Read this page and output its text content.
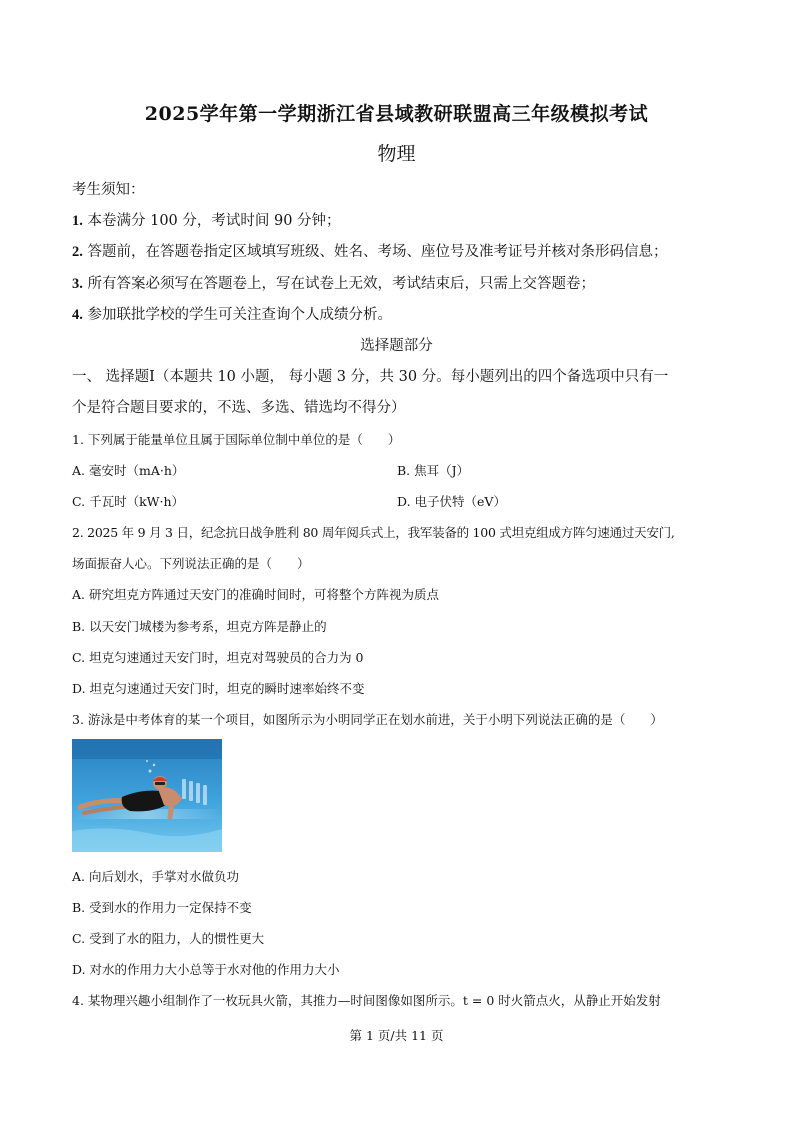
2025学年第一学期浙江省县域教研联盟高三年级模拟考试
物理
考生须知：
1. 本卷满分 100 分，考试时间 90 分钟；
2. 答题前，在答题卷指定区域填写班级、姓名、考场、座位号及准考证号并核对条形码信息；
3. 所有答案必须写在答题卷上，写在试卷上无效，考试结束后，只需上交答题卷；
4. 参加联批学校的学生可关注查询个人成绩分析。
选择题部分
一、 选择题Ⅰ（本题共 10 小题， 每小题 3 分，共 30 分。每小题列出的四个备选项中只有一
个是符合题目要求的，不选、多选、错选均不得分）
1. 下列属于能量单位且属于国际单位制中单位的是（　　）
A. 毫安时（mA·h）	B. 焦耳（J）
C. 千瓦时（kW·h）	D. 电子伏特（eV）
2. 2025 年 9 月 3 日，纪念抗日战争胜利 80 周年阅兵式上，我军装备的 100 式坦克组成方阵匀速通过天安门,
场面振奋人心。下列说法正确的是（　　）
A. 研究坦克方阵通过天安门的准确时间时，可将整个方阵视为质点
B. 以天安门城楼为参考系，坦克方阵是静止的
C. 坦克匀速通过天安门时，坦克对驾驶员的合力为 0
D. 坦克匀速通过天安门时，坦克的瞬时速率始终不变
3. 游泳是中考体育的某一个项目，如图所示为小明同学正在划水前进，关于小明下列说法正确的是（　　）
A. 向后划水，手掌对水做负功
B. 受到水的作用力一定保持不变
C. 受到了水的阻力，人的惯性更大
D. 对水的作用力大小总等于水对他的作用力大小
4. 某物理兴趣小组制作了一枚玩具火箭，其推力—时间图像如图所示。t = 0 时火箭点火，从静止开始发射
第 1 页/共 11 页
